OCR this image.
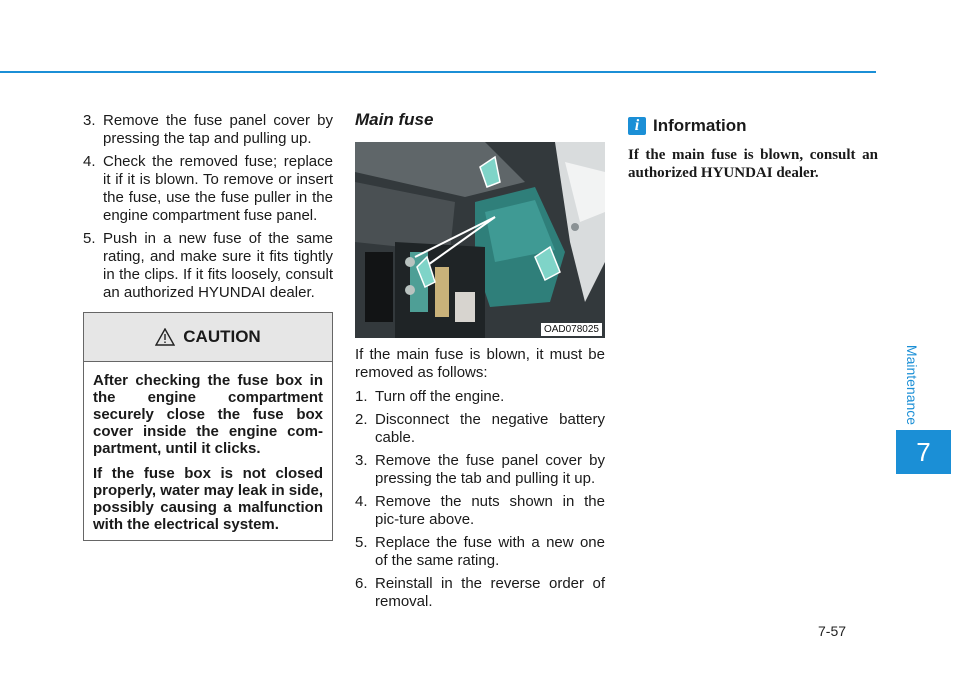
Maintenance
7
7-57
3. Remove the fuse panel cover by pressing the tap and pulling up.
4. Check the removed fuse; replace it if it is blown. To remove or insert the fuse, use the fuse puller in the engine compartment fuse panel.
5. Push in a new fuse of the same rating, and make sure it fits tightly in the clips. If it fits loosely, consult an authorized HYUNDAI dealer.
CAUTION

After checking the fuse box in the engine compartment securely close the fuse box cover inside the engine com-partment, until it clicks.

If the fuse box is not closed properly, water may leak in side, possibly causing a malfunction with the electrical system.

Main fuse
OAD078025

If the main fuse is blown, it must be removed as follows:

1. Turn off the engine.
2. Disconnect the negative battery cable.
3. Remove the fuse panel cover by pressing the tab and pulling it up.
4. Remove the nuts shown in the pic-ture above.
5. Replace the fuse with a new one of the same rating.
6. Reinstall in the reverse order of removal.
i Information

If the main fuse is blown, consult an authorized HYUNDAI dealer.
